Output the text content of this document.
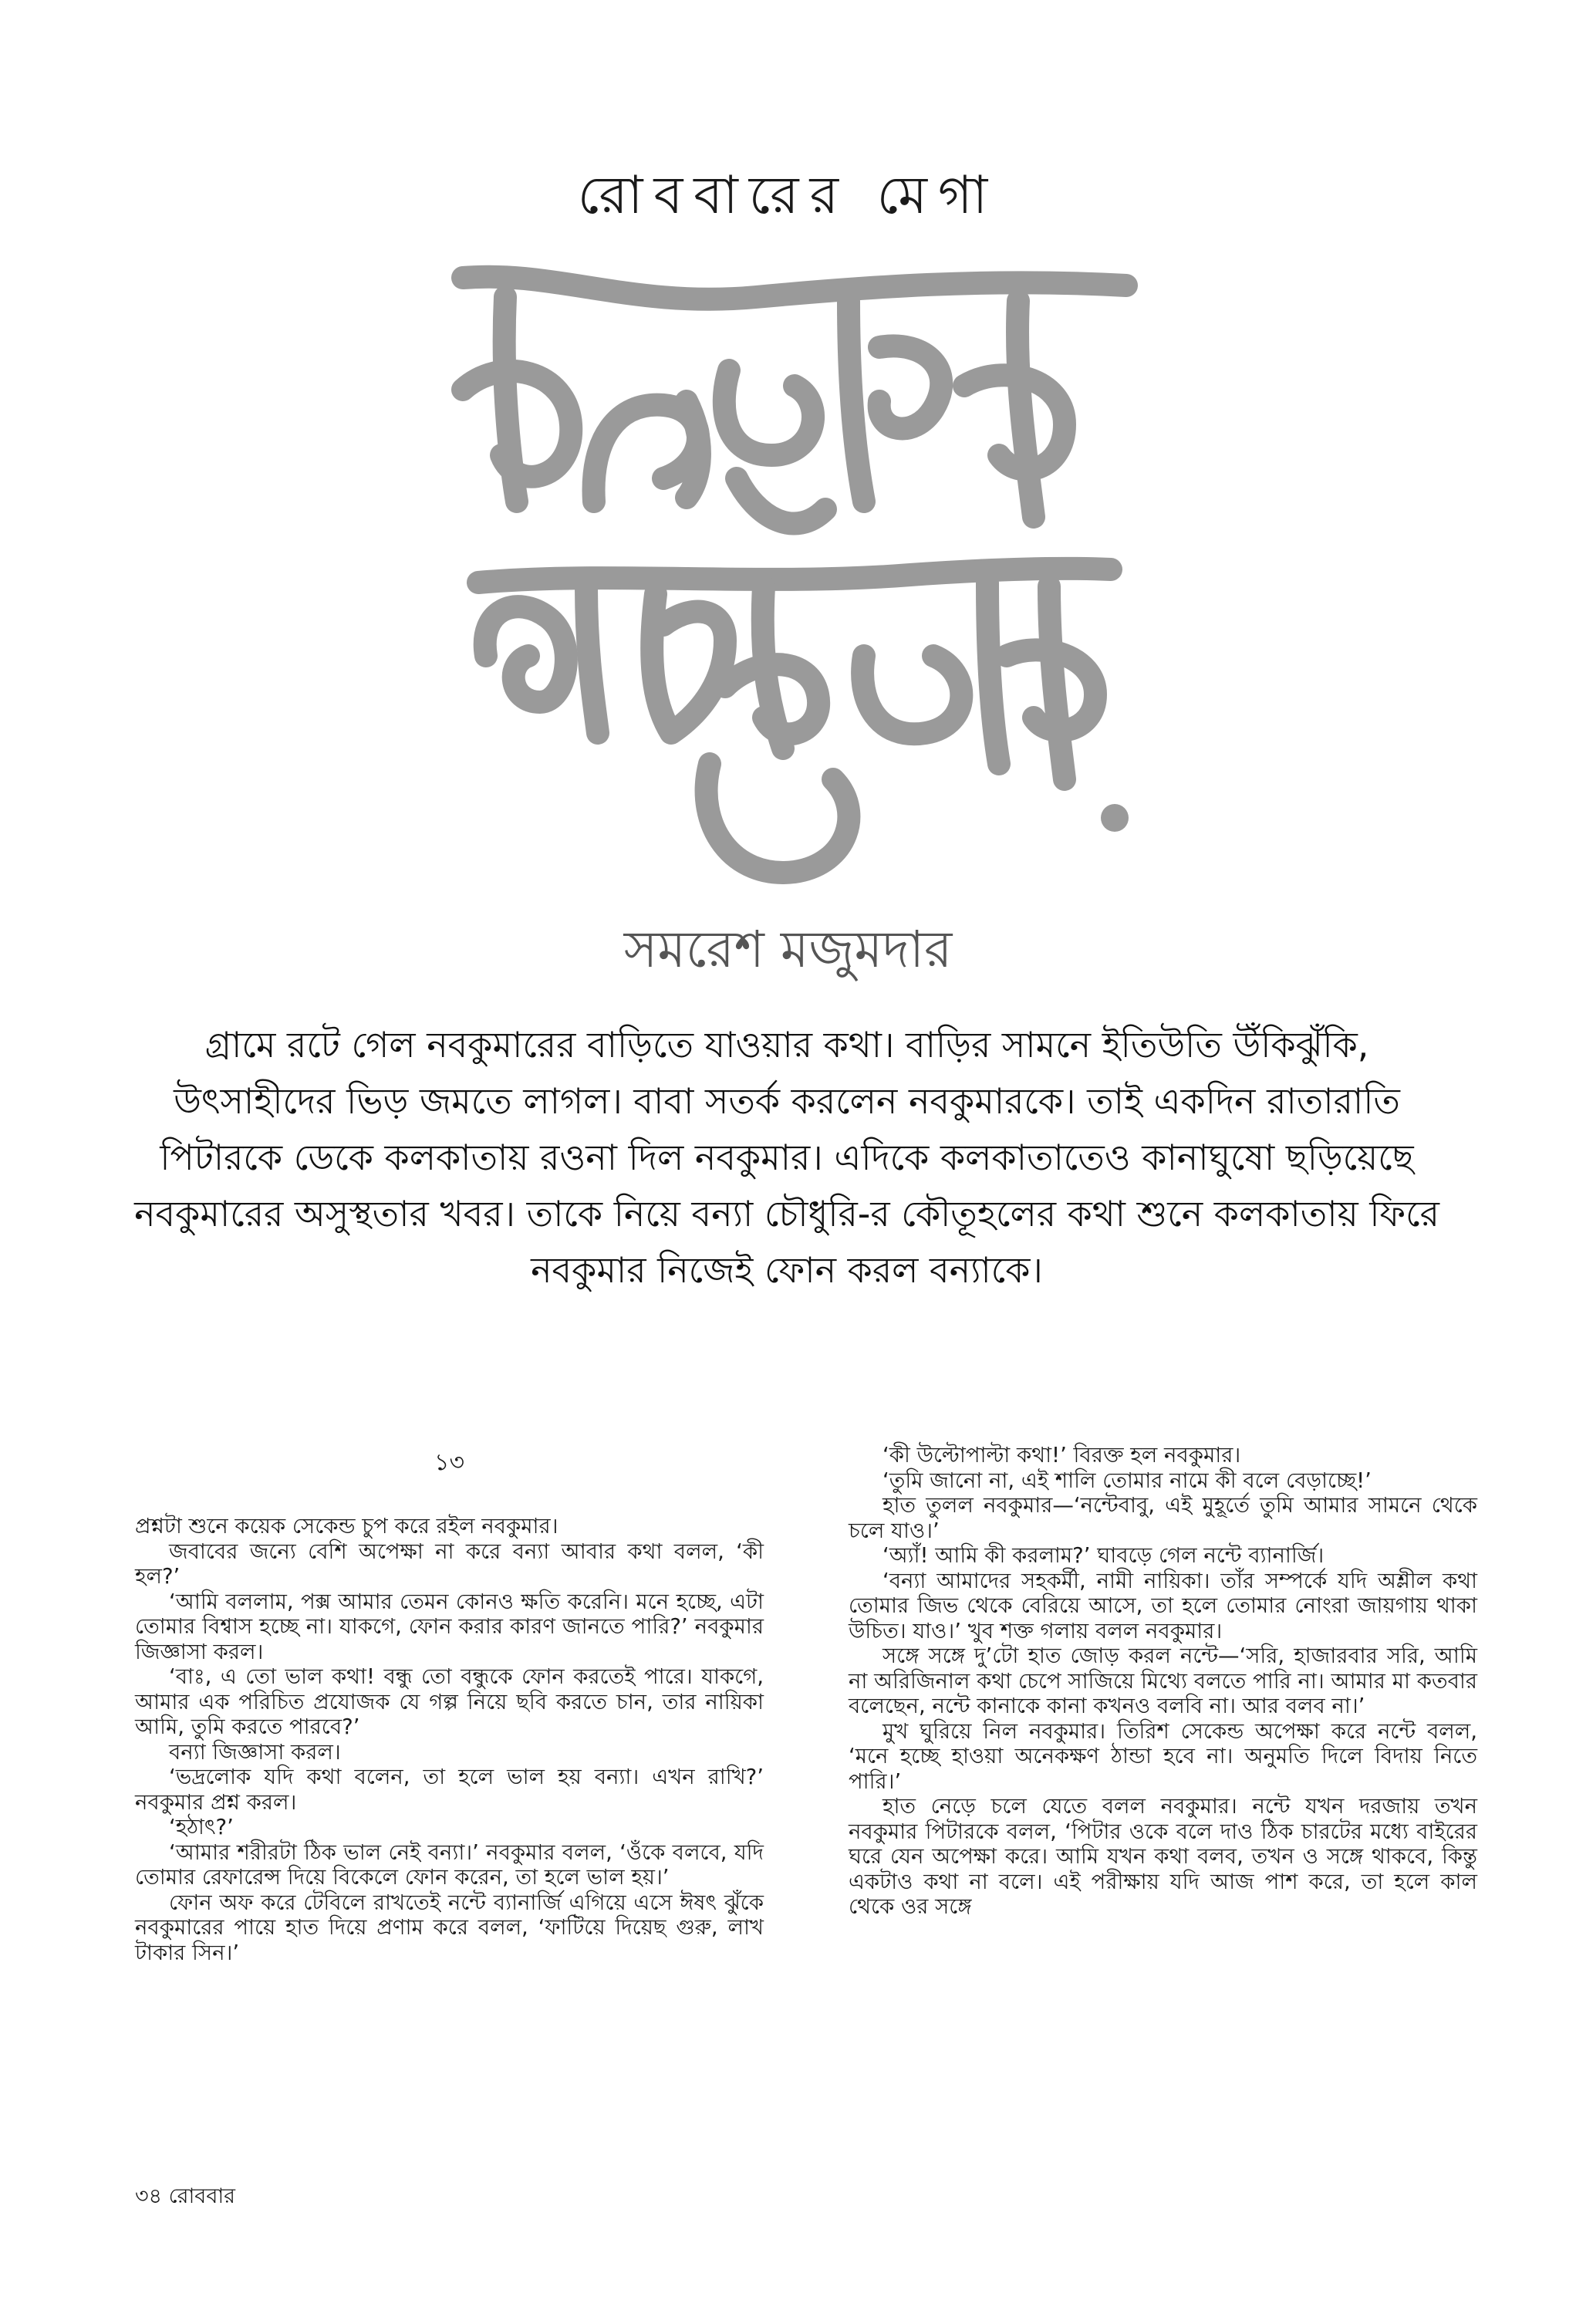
রোববারের মেগা
সমরেশ মজুমদার
গ্রামে রটে গেল নবকুমারের বাড়িতে যাওয়ার কথা। বাড়ির সামনে ইতিউতি উঁকিঝুঁকি, উৎসাহীদের ভিড় জমতে লাগল। বাবা সতর্ক করলেন নবকুমারকে। তাই একদিন রাতারাতি পিটারকে ডেকে কলকাতায় রওনা দিল নবকুমার। এদিকে কলকাতাতেও কানাঘুষো ছড়িয়েছে নবকুমারের অসুস্থতার খবর। তাকে নিয়ে বন্যা চৌধুরি-র কৌতূহলের কথা শুনে কলকাতায় ফিরে নবকুমার নিজেই ফোন করল বন্যাকে।
১৩

প্রশ্নটা শুনে কয়েক সেকেন্ড চুপ করে রইল নবকুমার।

জবাবের জন্যে বেশি অপেক্ষা না করে বন্যা আবার কথা বলল, ‘কী হল?’

‘আমি বললাম, পক্স আমার তেমন কোনও ক্ষতি করেনি। মনে হচ্ছে, এটা তোমার বিশ্বাস হচ্ছে না। যাকগে, ফোন করার কারণ জানতে পারি?’ নবকুমার জিজ্ঞাসা করল।

‘বাঃ, এ তো ভাল কথা! বন্ধু তো বন্ধুকে ফোন করতেই পারে। যাকগে, আমার এক পরিচিত প্রযোজক যে গল্প নিয়ে ছবি করতে চান, তার নায়িকা আমি, তুমি করতে পারবে?’

বন্যা জিজ্ঞাসা করল।

‘ভদ্রলোক যদি কথা বলেন, তা হলে ভাল হয় বন্যা। এখন রাখি?’ নবকুমার প্রশ্ন করল।

‘হঠাৎ?’

‘আমার শরীরটা ঠিক ভাল নেই বন্যা।’ নবকুমার বলল, ‘ওঁকে বলবে, যদি তোমার রেফারেন্স দিয়ে বিকেলে ফোন করেন, তা হলে ভাল হয়।’

ফোন অফ করে টেবিলে রাখতেই নন্টে ব্যানার্জি এগিয়ে এসে ঈষৎ ঝুঁকে নবকুমারের পায়ে হাত দিয়ে প্রণাম করে বলল, ‘ফাটিয়ে দিয়েছ গুরু, লাখ টাকার সিন।’

‘কী উল্টোপাল্টা কথা!’ বিরক্ত হল নবকুমার।

‘তুমি জানো না, এই শালি তোমার নামে কী বলে বেড়াচ্ছে!’

হাত তুলল নবকুমার—‘নন্টেবাবু, এই মুহূর্তে তুমি আমার সামনে থেকে চলে যাও।’

‘অ্যাঁ! আমি কী করলাম?’ ঘাবড়ে গেল নন্টে ব্যানার্জি।

‘বন্যা আমাদের সহকর্মী, নামী নায়িকা। তাঁর সম্পর্কে যদি অশ্লীল কথা তোমার জিভ থেকে বেরিয়ে আসে, তা হলে তোমার নোংরা জায়গায় থাকা উচিত। যাও।’ খুব শক্ত গলায় বলল নবকুমার।

সঙ্গে সঙ্গে দু’টো হাত জোড় করল নন্টে—‘সরি, হাজারবার সরি, আমি না অরিজিনাল কথা চেপে সাজিয়ে মিথ্যে বলতে পারি না। আমার মা কতবার বলেছেন, নন্টে কানাকে কানা কখনও বলবি না। আর বলব না।’

মুখ ঘুরিয়ে নিল নবকুমার। তিরিশ সেকেন্ড অপেক্ষা করে নন্টে বলল, ‘মনে হচ্ছে হাওয়া অনেকক্ষণ ঠান্ডা হবে না। অনুমতি দিলে বিদায় নিতে পারি।’

হাত নেড়ে চলে যেতে বলল নবকুমার। নন্টে যখন দরজায় তখন নবকুমার পিটারকে বলল, ‘পিটার ওকে বলে দাও ঠিক চারটের মধ্যে বাইরের ঘরে যেন অপেক্ষা করে। আমি যখন কথা বলব, তখন ও সঙ্গে থাকবে, কিন্তু একটাও কথা না বলে। এই পরীক্ষায় যদি আজ পাশ করে, তা হলে কাল থেকে ওর সঙ্গে

৩৪ রোববার
